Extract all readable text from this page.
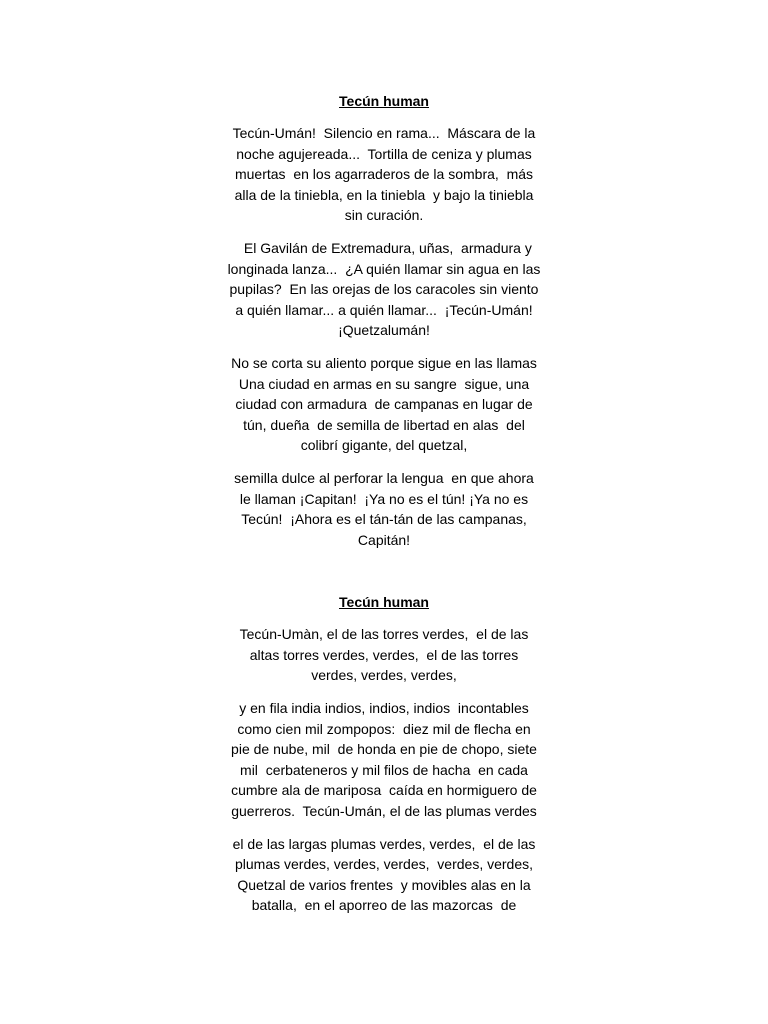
Tecún human
Tecún-Umán!  Silencio en rama...  Máscara de la
noche agujereada...  Tortilla de ceniza y plumas
muertas  en los agarraderos de la sombra,  más
alla de la tiniebla, en la tiniebla  y bajo la tiniebla
sin curación.
El Gavilán de Extremadura, uñas,  armadura y
longinada lanza...  ¿A quién llamar sin agua en las
pupilas?  En las orejas de los caracoles sin viento
a quién llamar... a quién llamar...  ¡Tecún-Umán!
¡Quetzalumán!
No se corta su aliento porque sigue en las llamas
Una ciudad en armas en su sangre  sigue, una
ciudad con armadura  de campanas en lugar de
tún, dueña  de semilla de libertad en alas  del
colibrí gigante, del quetzal,
semilla dulce al perforar la lengua  en que ahora
le llaman ¡Capitan!  ¡Ya no es el tún! ¡Ya no es
Tecún!  ¡Ahora es el tán-tán de las campanas,
Capitán!
Tecún human
Tecún-Umàn, el de las torres verdes,  el de las
altas torres verdes, verdes,  el de las torres
verdes, verdes, verdes,
y en fila india indios, indios, indios  incontables
como cien mil zompopos:  diez mil de flecha en
pie de nube, mil  de honda en pie de chopo, siete
mil  cerbateneros y mil filos de hacha  en cada
cumbre ala de mariposa  caída en hormiguero de
guerreros.  Tecún-Umán, el de las plumas verdes
el de las largas plumas verdes, verdes,  el de las
plumas verdes, verdes, verdes,  verdes, verdes,
Quetzal de varios frentes  y movibles alas en la
batalla,  en el aporreo de las mazorcas  de
